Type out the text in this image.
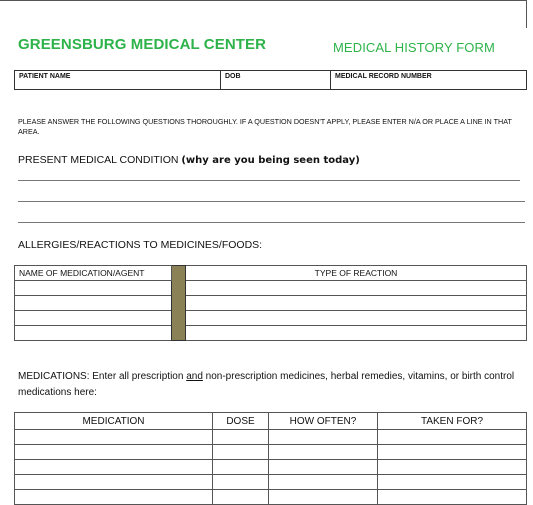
GREENSBURG MEDICAL CENTER	MEDICAL HISTORY FORM
PATIENT NAME	DOB	MEDICAL RECORD NUMBER
PLEASE ANSWER THE FOLLOWING QUESTIONS THOROUGHLY. IF A QUESTION DOESN'T APPLY, PLEASE ENTER N/A OR PLACE A LINE IN THAT AREA.
PRESENT MEDICAL CONDITION (why are you being seen today)
ALLERGIES/REACTIONS TO MEDICINES/FOODS:
NAME OF MEDICATION/AGENT		TYPE OF REACTION

MEDICATIONS: Enter all prescription and non-prescription medicines, herbal remedies, vitamins, or birth control medications here:
MEDICATION	DOSE	HOW OFTEN?	TAKEN FOR?
